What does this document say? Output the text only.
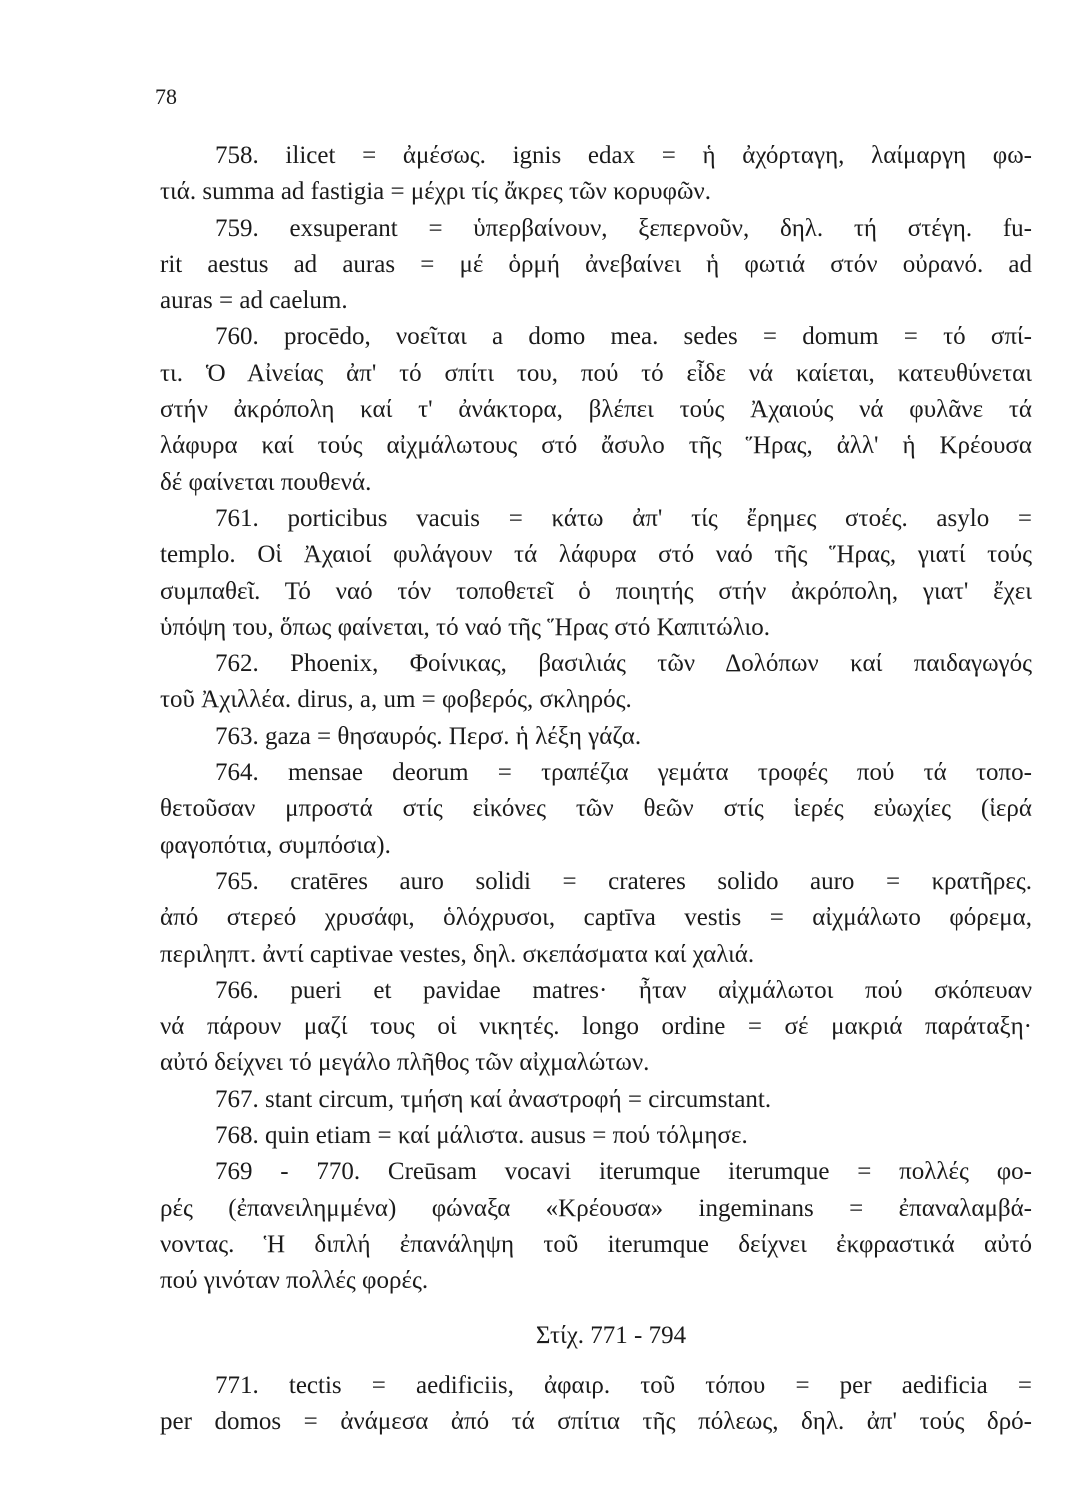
78
758. ilicet = ἀμέσως. ignis edax = ἡ ἀχόρταγη, λαίμαργη φω-
τιά. summa ad fastigia = μέχρι τίς ἄκρες τῶν κορυφῶν.
759. exsuperant = ὑπερβαίνουν, ξεπερνοῦν, δηλ. τή στέγη. fu-
rit aestus ad auras = μέ ὁρμή ἀνεβαίνει ἡ φωτιά στόν οὐρανό. ad
auras = ad caelum.
760. procēdo, νοεῖται a domo mea. sedes = domum = τό σπί-
τι. Ὁ Αἰνείας ἀπ' τό σπίτι του, πού τό εἶδε νά καίεται, κατευθύνεται
στήν ἀκρόπολη καί τ' ἀνάκτορα, βλέπει τούς Ἀχαιούς νά φυλᾶνε τά
λάφυρα καί τούς αἰχμάλωτους στό ἄσυλο τῆς Ἥρας, ἀλλ' ἡ Κρέουσα
δέ φαίνεται πουθενά.
761. porticibus vacuis = κάτω ἀπ' τίς ἔρημες στοές. asylo =
templo. Οἱ Ἀχαιοί φυλάγουν τά λάφυρα στό ναό τῆς Ἥρας, γιατί τούς
συμπαθεῖ. Τό ναό τόν τοποθετεῖ ὁ ποιητής στήν ἀκρόπολη, γιατ' ἔχει
ὑπόψη του, ὅπως φαίνεται, τό ναό τῆς Ἥρας στό Καπιτώλιο.
762. Phoenix, Φοίνικας, βασιλιάς τῶν Δολόπων καί παιδαγωγός
τοῦ Ἀχιλλέα. dirus, a, um = φοβερός, σκληρός.
763. gaza = θησαυρός. Περσ. ἡ λέξη γάζα.
764. mensae deorum = τραπέζια γεμάτα τροφές πού τά τοπο-
θετοῦσαν μπροστά στίς εἰκόνες τῶν θεῶν στίς ἱερές εὐωχίες (ἱερά
φαγοπότια, συμπόσια).
765. cratēres auro solidi = crateres solido auro = κρατῆρες.
ἀπό στερεό χρυσάφι, ὁλόχρυσοι, captīva vestis = αἰχμάλωτο φόρεμα,
περιληπτ. ἀντί captivae vestes, δηλ. σκεπάσματα καί χαλιά.
766. pueri et pavidae matres· ἦταν αἰχμάλωτοι πού σκόπευαν
νά πάρουν μαζί τους οἱ νικητές. longo ordine = σέ μακριά παράταξη·
αὐτό δείχνει τό μεγάλο πλῆθος τῶν αἰχμαλώτων.
767. stant circum, τμήση καί ἀναστροφή = circumstant.
768. quin etiam = καί μάλιστα. ausus = πού τόλμησε.
769 - 770. Creūsam vocavi iterumque iterumque = πολλές φο-
ρές (ἐπανειλημμένα) φώναξα «Κρέουσα» ingeminans = ἐπαναλαμβά-
νοντας. Ἡ διπλή ἐπανάληψη τοῦ iterumque δείχνει ἐκφραστικά αὐτό
πού γινόταν πολλές φορές.
Στίχ. 771 - 794
771. tectis = aedificiis, ἀφαιρ. τοῦ τόπου = per aedificia =
per domos = ἀνάμεσα ἀπό τά σπίτια τῆς πόλεως, δηλ. ἀπ' τούς δρό-
